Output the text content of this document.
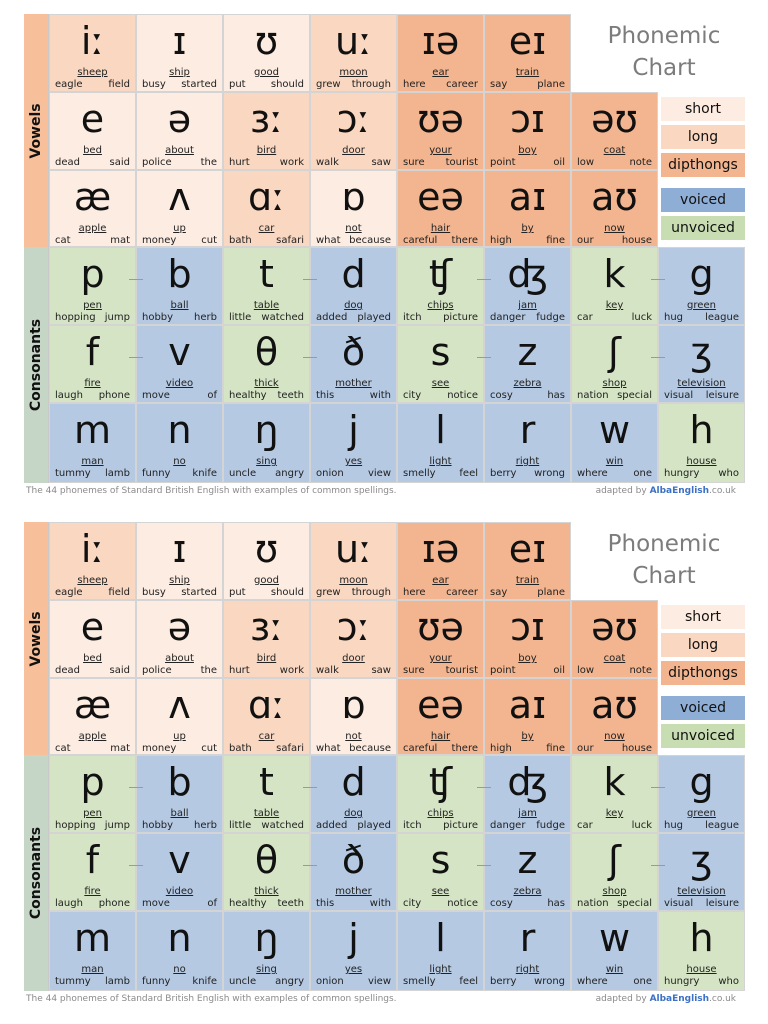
Vowels
Consonants
iː
sheep
eagle	field
ɪ
ship
busy started
ʊ
good
put	should
uː
moon
grew through
ɪə
ear
here career
eɪ
train
say	plane
e
bed
dead	said
ə
about
police	the
ɜː
bird
hurt	work
ɔː
door
walk	saw
ʊə
your
sure tourist
ɔɪ
boy
point	oil
əʊ
coat
low	note
æ
apple
cat	mat
ʌ
up
money cut
ɑː
car
bath safari
ɒ
not
what because
eə
hair
careful there
aɪ
by
high	fine
aʊ
now
our	house
p
pen
hopping jump
b
ball
hobby herb
t
table
little watched
d
dog
added played
ʧ
chips
itch picture
ʤ
jam
danger fudge
k
key
car	luck
g
green
hug league
f
fire
laugh phone
v
video
move	of
θ
thick
healthy teeth
ð
mother
this	with
s
see
city	notice
z
zebra
cosy	has
ʃ
shop
nation special
ʒ
television
visual leisure
m
man
tummy lamb
n
no
funny knife
ŋ
sing
uncle angry
j
yes
onion view
l
light
smelly feel
r
right
berry wrong
w
win
where	one
h
house
hungry who
Phonemic Chart
short
long
dipthongs
voiced
unvoiced
The 44 phonemes of Standard British English with examples of common spellings.	adapted by AlbaEnglish.co.uk
Vowels
Consonants
iː
sheep
eagle	field
ɪ
ship
busy started
ʊ
good
put	should
uː
moon
grew through
ɪə
ear
here career
eɪ
train
say	plane
e
bed
dead	said
ə
about
police	the
ɜː
bird
hurt	work
ɔː
door
walk	saw
ʊə
your
sure tourist
ɔɪ
boy
point	oil
əʊ
coat
low	note
æ
apple
cat	mat
ʌ
up
money cut
ɑː
car
bath safari
ɒ
not
what because
eə
hair
careful there
aɪ
by
high	fine
aʊ
now
our	house
p
pen
hopping jump
b
ball
hobby herb
t
table
little watched
d
dog
added played
ʧ
chips
itch picture
ʤ
jam
danger fudge
k
key
car	luck
g
green
hug league
f
fire
laugh phone
v
video
move	of
θ
thick
healthy teeth
ð
mother
this	with
s
see
city	notice
z
zebra
cosy	has
ʃ
shop
nation special
ʒ
television
visual leisure
m
man
tummy lamb
n
no
funny knife
ŋ
sing
uncle angry
j
yes
onion view
l
light
smelly feel
r
right
berry wrong
w
win
where	one
h
house
hungry who
Phonemic Chart
short
long
dipthongs
voiced
unvoiced
The 44 phonemes of Standard British English with examples of common spellings.	adapted by AlbaEnglish.co.uk
